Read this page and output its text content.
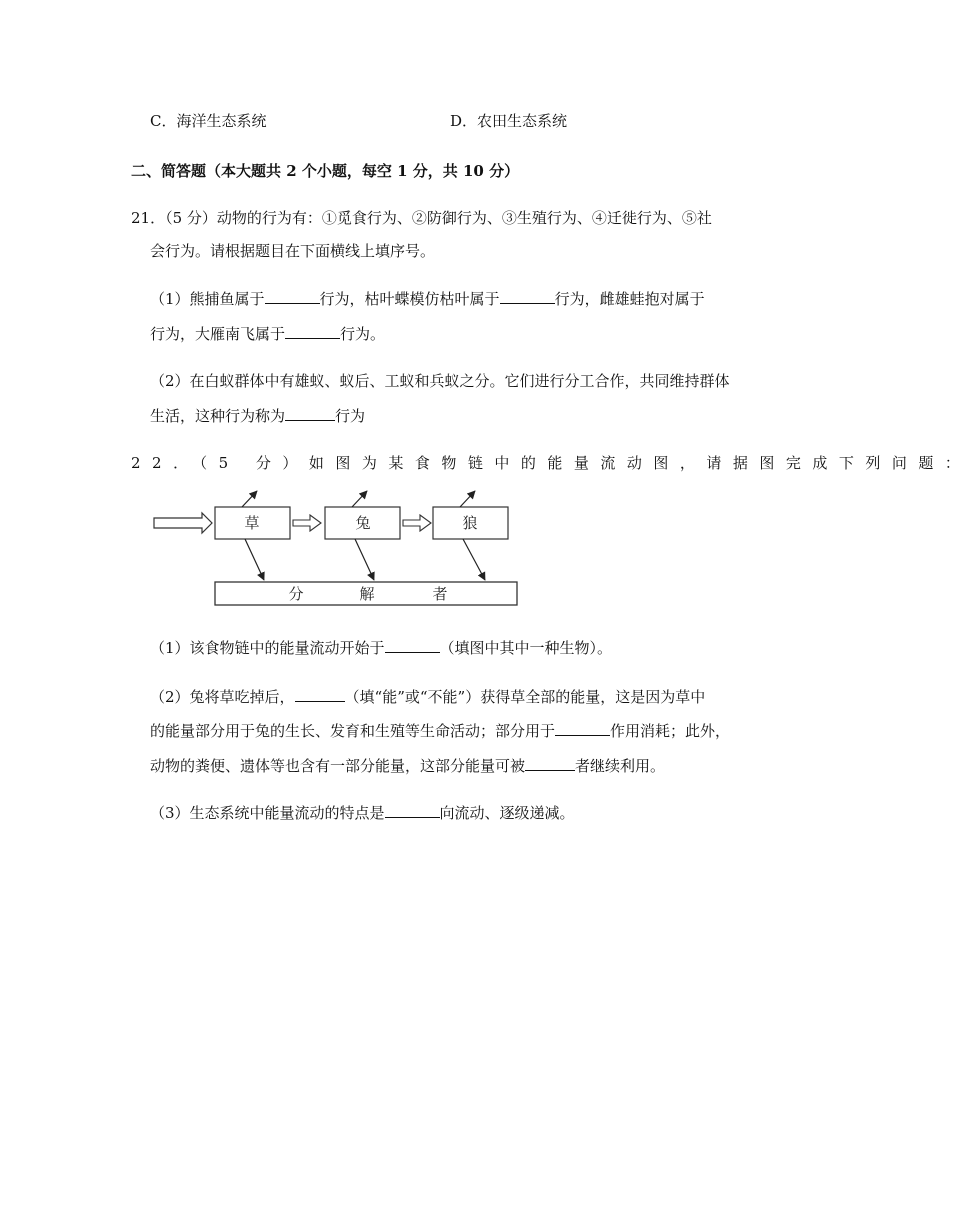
C．海洋生态系统	D．农田生态系统
二、简答题（本大题共 2 个小题，每空 1 分，共 10 分）
21．（5 分）动物的行为有：①觅食行为、②防御行为、③生殖行为、④迁徙行为、⑤社
会行为。请根据题目在下面横线上填序号。
（1）熊捕鱼属于	行为，枯叶蝶模仿枯叶属于	行为，雌雄蛙抱对属于
行为，大雁南飞属于	行为。
（2）在白蚁群体中有雄蚁、蚁后、工蚁和兵蚁之分。它们进行分工合作，共同维持群体
生活，这种行为称为	行为
22．（5 分）如图为某食物链中的能量流动图，请据图完成下列问题：
草	兔	狼
分	解	者
（1）该食物链中的能量流动开始于	（填图中其中一种生物）。
（2）兔将草吃掉后，	（填“能”或“不能”）获得草全部的能量，这是因为草中
的能量部分用于兔的生长、发育和生殖等生命活动；部分用于	作用消耗；此外，
动物的粪便、遗体等也含有一部分能量，这部分能量可被	者继续利用。
（3）生态系统中能量流动的特点是	向流动、逐级递减。
